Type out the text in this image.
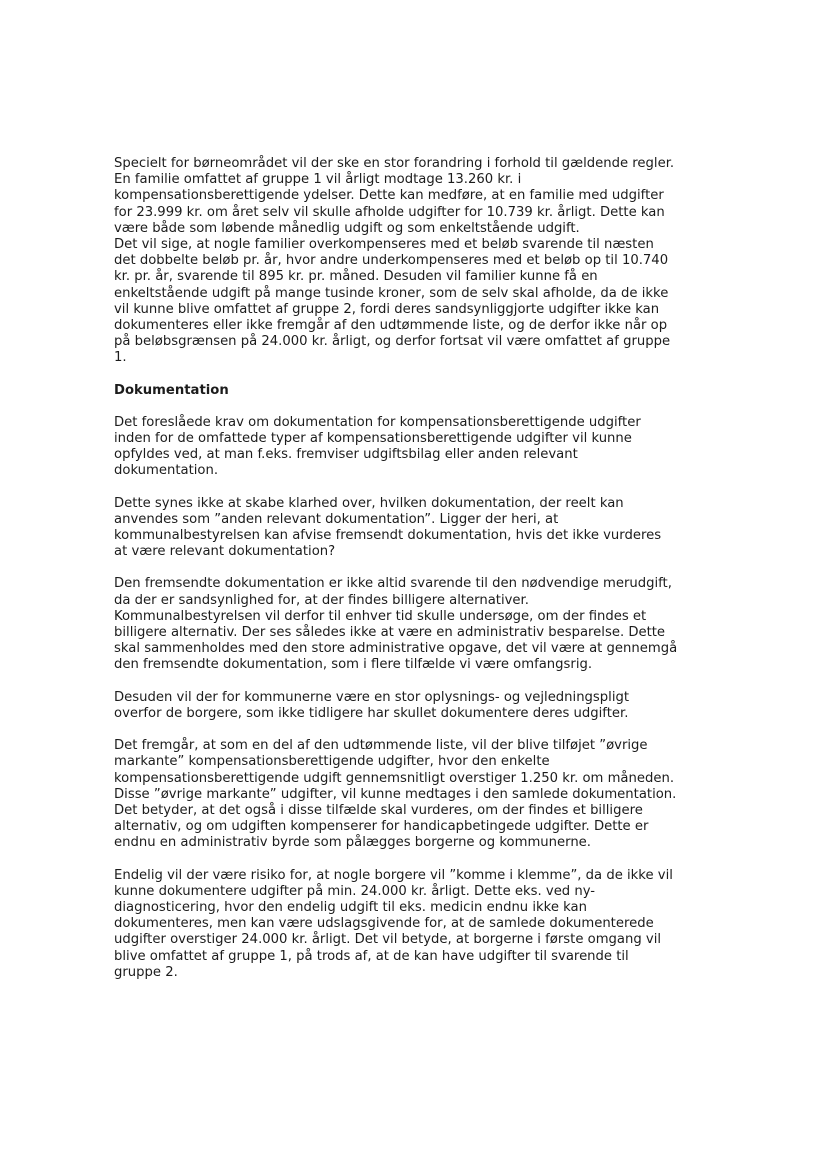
Specielt for børneområdet vil der ske en stor forandring i forhold til gældende regler.
En familie omfattet af gruppe 1 vil årligt modtage 13.260 kr. i
kompensationsberettigende ydelser. Dette kan medføre, at en familie med udgifter
for 23.999 kr. om året selv vil skulle afholde udgifter for 10.739 kr. årligt. Dette kan
være både som løbende månedlig udgift og som enkeltstående udgift.
Det vil sige, at nogle familier overkompenseres med et beløb svarende til næsten
det dobbelte beløb pr. år, hvor andre underkompenseres med et beløb op til 10.740
kr. pr. år, svarende til 895 kr. pr. måned. Desuden vil familier kunne få en
enkeltstående udgift på mange tusinde kroner, som de selv skal afholde, da de ikke
vil kunne blive omfattet af gruppe 2, fordi deres sandsynliggjorte udgifter ikke kan
dokumenteres eller ikke fremgår af den udtømmende liste, og de derfor ikke når op
på beløbsgrænsen på 24.000 kr. årligt, og derfor fortsat vil være omfattet af gruppe
1.

Dokumentation

Det foreslåede krav om dokumentation for kompensationsberettigende udgifter
inden for de omfattede typer af kompensationsberettigende udgifter vil kunne
opfyldes ved, at man f.eks. fremviser udgiftsbilag eller anden relevant
dokumentation.

Dette synes ikke at skabe klarhed over, hvilken dokumentation, der reelt kan
anvendes som ”anden relevant dokumentation”. Ligger der heri, at
kommunalbestyrelsen kan afvise fremsendt dokumentation, hvis det ikke vurderes
at være relevant dokumentation?

Den fremsendte dokumentation er ikke altid svarende til den nødvendige merudgift,
da der er sandsynlighed for, at der findes billigere alternativer.
Kommunalbestyrelsen vil derfor til enhver tid skulle undersøge, om der findes et
billigere alternativ. Der ses således ikke at være en administrativ besparelse. Dette
skal sammenholdes med den store administrative opgave, det vil være at gennemgå
den fremsendte dokumentation, som i flere tilfælde vi være omfangsrig.

Desuden vil der for kommunerne være en stor oplysnings- og vejledningspligt
overfor de borgere, som ikke tidligere har skullet dokumentere deres udgifter.

Det fremgår, at som en del af den udtømmende liste, vil der blive tilføjet ”øvrige
markante” kompensationsberettigende udgifter, hvor den enkelte
kompensationsberettigende udgift gennemsnitligt overstiger 1.250 kr. om måneden.
Disse ”øvrige markante” udgifter, vil kunne medtages i den samlede dokumentation.
Det betyder, at det også i disse tilfælde skal vurderes, om der findes et billigere
alternativ, og om udgiften kompenserer for handicapbetingede udgifter. Dette er
endnu en administrativ byrde som pålægges borgerne og kommunerne.

Endelig vil der være risiko for, at nogle borgere vil ”komme i klemme”, da de ikke vil
kunne dokumentere udgifter på min. 24.000 kr. årligt. Dette eks. ved ny-
diagnosticering, hvor den endelig udgift til eks. medicin endnu ikke kan
dokumenteres, men kan være udslagsgivende for, at de samlede dokumenterede
udgifter overstiger 24.000 kr. årligt. Det vil betyde, at borgerne i første omgang vil
blive omfattet af gruppe 1, på trods af, at de kan have udgifter til svarende til
gruppe 2.
